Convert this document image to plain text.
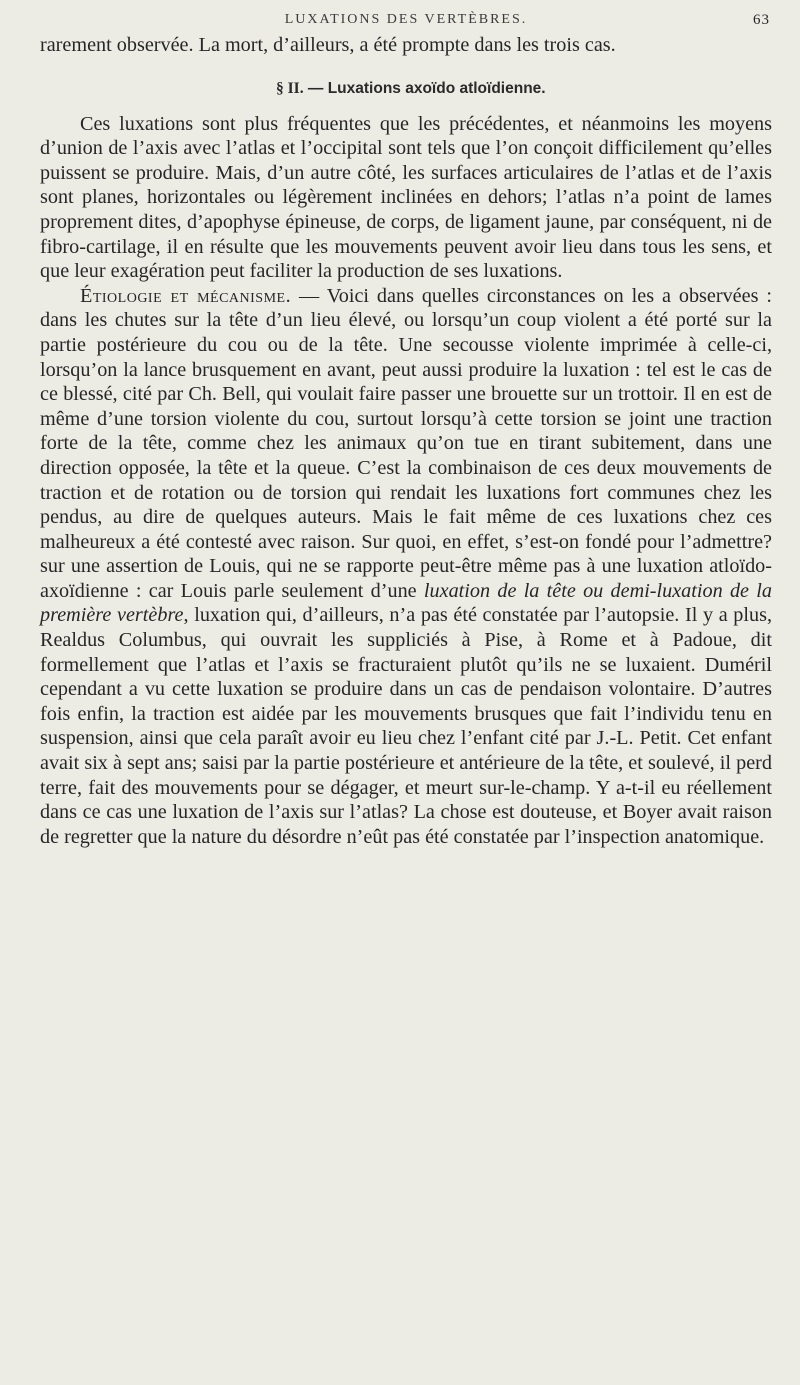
LUXATIONS DES VERTÈBRES.	63

rarement observée. La mort, d’ailleurs, a été prompte dans les trois cas.

§ II. — Luxations axoïdo atloïdienne.

Ces luxations sont plus fréquentes que les précédentes, et néanmoins les moyens d’union de l’axis avec l’atlas et l’occipital sont tels que l’on conçoit difficilement qu’elles puissent se produire. Mais, d’un autre côté, les surfaces articulaires de l’atlas et de l’axis sont planes, horizontales ou légèrement inclinées en dehors; l’atlas n’a point de lames proprement dites, d’apophyse épineuse, de corps, de ligament jaune, par conséquent, ni de fibro-cartilage, il en résulte que les mouvements peuvent avoir lieu dans tous les sens, et que leur exagération peut faciliter la production de ses luxations.

Étiologie et mécanisme. — Voici dans quelles circonstances on les a observées : dans les chutes sur la tête d’un lieu élevé, ou lorsqu’un coup violent a été porté sur la partie postérieure du cou ou de la tête. Une secousse violente imprimée à celle-ci, lorsqu’on la lance brusquement en avant, peut aussi produire la luxation : tel est le cas de ce blessé, cité par Ch. Bell, qui voulait faire passer une brouette sur un trottoir. Il en est de même d’une torsion violente du cou, surtout lorsqu’à cette torsion se joint une traction forte de la tête, comme chez les animaux qu’on tue en tirant subitement, dans une direction opposée, la tête et la queue. C’est la combinaison de ces deux mouvements de traction et de rotation ou de torsion qui rendait les luxations fort communes chez les pendus, au dire de quelques auteurs. Mais le fait même de ces luxations chez ces malheureux a été contesté avec raison. Sur quoi, en effet, s’est-on fondé pour l’admettre? sur une assertion de Louis, qui ne se rapporte peut-être même pas à une luxation atloïdo-axoïdienne : car Louis parle seulement d’une luxation de la tête ou demi-luxation de la première vertèbre, luxation qui, d’ailleurs, n’a pas été constatée par l’autopsie. Il y a plus, Realdus Columbus, qui ouvrait les suppliciés à Pise, à Rome et à Padoue, dit formellement que l’atlas et l’axis se fracturaient plutôt qu’ils ne se luxaient. Duméril cependant a vu cette luxation se produire dans un cas de pendaison volontaire. D’autres fois enfin, la traction est aidée par les mouvements brusques que fait l’individu tenu en suspension, ainsi que cela paraît avoir eu lieu chez l’enfant cité par J.-L. Petit. Cet enfant avait six à sept ans; saisi par la partie postérieure et antérieure de la tête, et soulevé, il perd terre, fait des mouvements pour se dégager, et meurt sur-le-champ. Y a-t-il eu réellement dans ce cas une luxation de l’axis sur l’atlas? La chose est douteuse, et Boyer avait raison de regretter que la nature du désordre n’eût pas été constatée par l’inspection anatomique.
